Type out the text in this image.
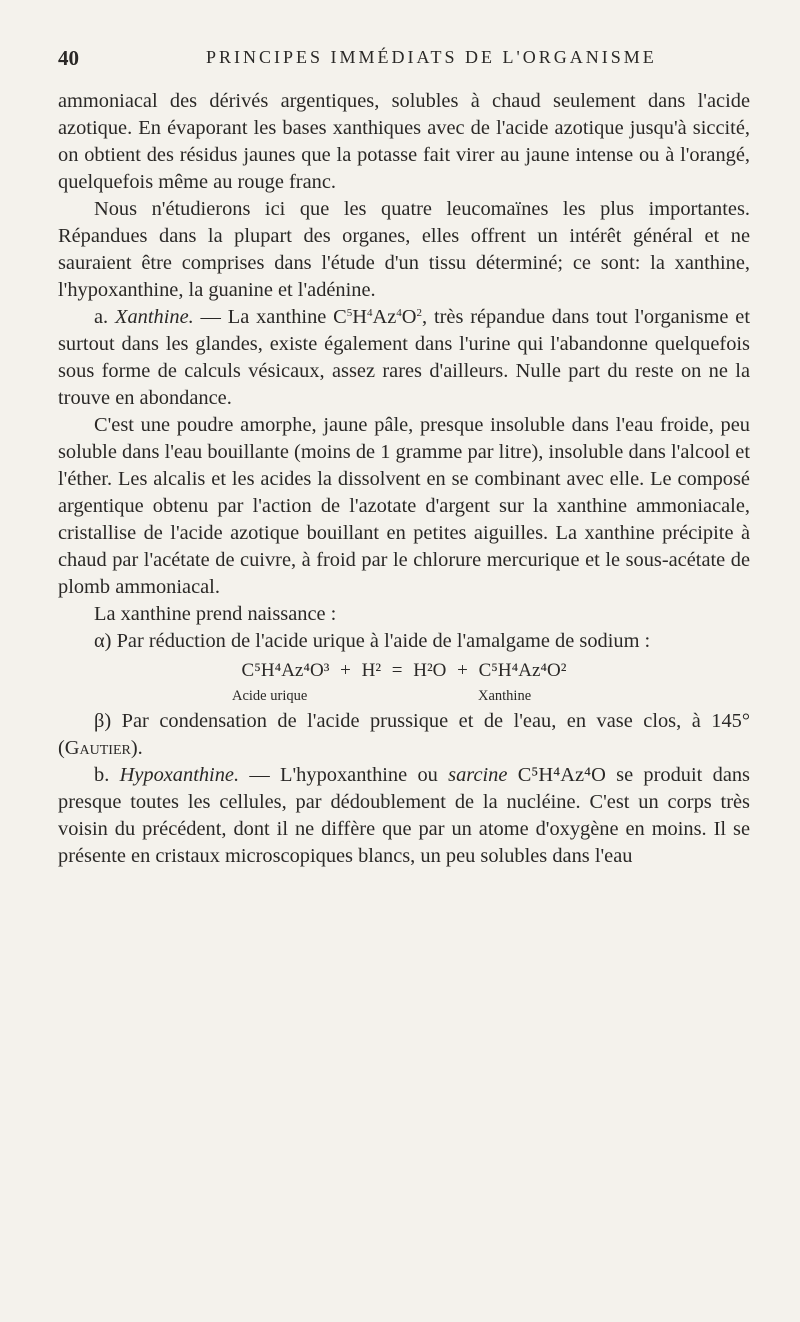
40	PRINCIPES IMMÉDIATS DE L'ORGANISME

ammoniacal des dérivés argentiques, solubles à chaud seulement dans l'acide azotique. En évaporant les bases xanthiques avec de l'acide azotique jusqu'à siccité, on obtient des résidus jaunes que la potasse fait virer au jaune intense ou à l'orangé, quelquefois même au rouge franc.

Nous n'étudierons ici que les quatre leucomaïnes les plus importantes. Répandues dans la plupart des organes, elles offrent un intérêt général et ne sauraient être comprises dans l'étude d'un tissu déterminé; ce sont: la xanthine, l'hypoxanthine, la guanine et l'adénine.

a. Xanthine. — La xanthine $C^5H^4Az^4O^2$, très répandue dans tout l'organisme et surtout dans les glandes, existe également dans l'urine qui l'abandonne quelquefois sous forme de calculs vésicaux, assez rares d'ailleurs. Nulle part du reste on ne la trouve en abondance.

C'est une poudre amorphe, jaune pâle, presque insoluble dans l'eau froide, peu soluble dans l'eau bouillante (moins de 1 gramme par litre), insoluble dans l'alcool et l'éther. Les alcalis et les acides la dissolvent en se combinant avec elle. Le composé argentique obtenu par l'action de l'azotate d'argent sur la xanthine ammoniacale, cristallise de l'acide azotique bouillant en petites aiguilles. La xanthine précipite à chaud par l'acétate de cuivre, à froid par le chlorure mercurique et le sous-acétate de plomb ammoniacal.

La xanthine prend naissance :

α) Par réduction de l'acide urique à l'aide de l'amalgame de sodium :

C⁵H⁴Az⁴O³ + H² = H²O + C⁵H⁴Az⁴O²
Acide urique	Xanthine

β) Par condensation de l'acide prussique et de l'eau, en vase clos, à 145° (Gautier).

b. Hypoxanthine. — L'hypoxanthine ou sarcine C⁵H⁴Az⁴O se produit dans presque toutes les cellules, par dédoublement de la nucléine. C'est un corps très voisin du précédent, dont il ne diffère que par un atome d'oxygène en moins. Il se présente en cristaux microscopiques blancs, un peu solubles dans l'eau
